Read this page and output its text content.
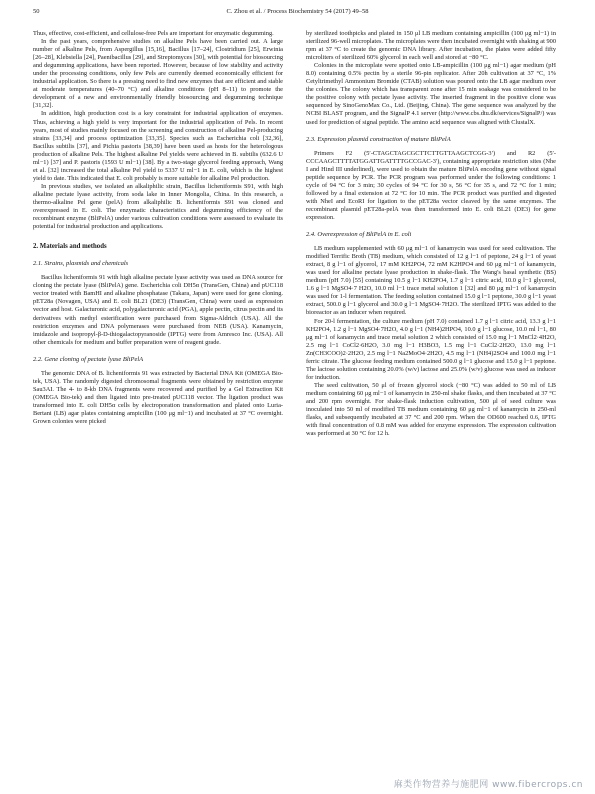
50	C. Zhou et al. / Process Biochemistry 54 (2017) 49–58

Thus, effective, cost-efficient, and cellulose-free Pels are important for enzymatic degumming.

In the past years, comprehensive studies on alkaline Pels have been carried out. A large number of alkaline Pels, from Aspergillus [15,16], Bacillus [17–24], Clostridium [25], Erwinia [26–28], Klebsiella [24], Paenibacillus [29], and Streptomyces [30], with potential for biosourcing and degumming applications, have been reported. However, because of low stability and activity under the processing conditions, only few Pels are currently deemed economically efficient for industrial application. So there is a pressing need to find new enzymes that are efficient and stable at moderate temperatures (40–70 °C) and alkaline conditions (pH 8–11) to promote the development of a new and environmentally friendly biosourcing and degumming technique [31,32].

In addition, high production cost is a key constraint for industrial application of enzymes. Thus, achieving a high yield is very important for the industrial application of Pels. In recent years, most of studies mainly focused on the screening and construction of alkaline Pel-producing strains [33,34] and process optimization [33,35]. Species such as Escherichia coli [32,36], Bacillus subtilis [37], and Pichia pastoris [38,39] have been used as hosts for the heterologous production of alkaline Pels. The highest alkaline Pel yields were achieved in B. subtilis (632.6 U ml−1) [37] and P. pastoris (1593 U ml−1) [38]. By a two-stage glycerol feeding approach, Wang et al. [32] increased the total alkaline Pel yield to 5337 U ml−1 in E. coli, which is the highest yield to date. This indicated that E. coli probably is more suitable for alkaline Pel production.

In previous studies, we isolated an alkaliphilic strain, Bacillus licheniformis S91, with high alkaline pectate lyase activity, from soda lake in Inner Mongolia, China. In this research, a thermo-alkaline Pel gene (pelA) from alkaliphilic B. licheniformis S91 was cloned and overexpressed in E. coli. The enzymatic characteristics and degumming efficiency of the recombinant enzyme (BliPelA) under various cultivation conditions were assessed to evaluate its potential for industrial production and applications.

2. Materials and methods
2.1. Strains, plasmids and chemicals

Bacillus licheniformis 91 with high alkaline pectate lyase activity was used as DNA source for cloning the pectate lyase (BliPelA) gene. Escherichia coli DH5α (TransGen, China) and pUC118 vector treated with BamHI and alkaline phosphatase (Takara, Japan) were used for gene cloning. pET28a (Novagen, USA) and E. coli BL21 (DE3) (TransGen, China) were used as expression vector and host. Galacturonic acid, polygalacturonic acid (PGA), apple pectin, citrus pectin and its derivatives with methyl esterification were purchased from Sigma-Aldrich (USA). All the restriction enzymes and DNA polymerases were purchased from NEB (USA). Kanamycin, imidazole and isopropyl-β-D-thiogalactopyranoside (IPTG) were from Amresco Inc. (USA). All other chemicals for medium and buffer preparation were of reagent grade.

2.2. Gene cloning of pectate lyase BliPelA

The genomic DNA of B. licheniformis 91 was extracted by Bacterial DNA Kit (OMEGA Bio-tek, USA). The randomly digested chromosomal fragments were obtained by restriction enzyme Sau3AI. The 4- to 8-kb DNA fragments were recovered and purified by a Gel Extraction Kit (OMEGA Bio-tek) and then ligated into pre-treated pUC118 vector. The ligation product was transformed into E. coli DH5α cells by electroporation transformation and plated onto Luria-Bertani (LB) agar plates containing ampicillin (100 μg ml−1) and incubated at 37 °C overnight. Grown colonies were picked

by sterilized toothpicks and plated in 150 μl LB medium containing ampicillin (100 μg ml−1) in sterilized 96-well microplates. The microplates were then incubated overnight with shaking at 900 rpm at 37 °C to create the genomic DNA library. After incubation, the plates were added fifty microliters of sterilized 60% glycerol in each well and stored at −80 °C.

Colonies in the microplate were spotted onto LB-ampicillin (100 μg ml−1) agar medium (pH 8.0) containing 0.5% pectin by a sterile 96-pin replicator. After 20h cultivation at 37 °C, 1% Cetyltrimethyl Ammonium Bromide (CTAB) solution was poured onto the LB agar medium over the colonies. The colony which has transparent zone after 15 min soakage was considered to be the positive colony with pectate lyase activity. The inserted fragment in the positive clone was sequenced by SinoGenoMax Co., Ltd. (Beijing, China). The gene sequence was analyzed by the NCBI BLAST program, and the SignalP 4.1 server (http://www.cbs.dtu.dk/services/SignalP/) was used for prediction of signal peptide. The amino acid sequence was aligned with ClustalX.

2.3. Expression plasmid construction of mature BliPelA

Primers F2 (5′-CTAGCTAGCGCTTCTTGTTAAGCTCGG-3′) and R2 (5′-CCCAAGCTTTTATGGATTGATTTTGCCGAC-3′), containing appropriate restriction sites (Nhe I and Hind III underlined), were used to obtain the mature BliPelA encoding gene without signal peptide sequence by PCR. The PCR program was performed under the following conditions: 1 cycle of 94 °C for 3 min; 30 cycles of 94 °C for 30 s, 56 °C for 35 s, and 72 °C for 1 min; followed by a final extension at 72 °C for 10 min. The PCR product was purified and digested with NheI and EcoRI for ligation to the pET28a vector cleaved by the same enzymes. The recombinant plasmid pET28a-pelA was then transformed into E. coli BL21 (DE3) for gene expression.

2.4. Overexpression of BliPelA in E. coli

LB medium supplemented with 60 μg ml−1 of kanamycin was used for seed cultivation. The modified Terrific Broth (TB) medium, which consisted of 12 g l−1 of peptone, 24 g l−1 of yeast extract, 8 g l−1 of glycerol, 17 mM KH2PO4, 72 mM K2HPO4 and 60 μg ml−1 of kanamycin, was used for alkaline pectate lyase production in shake-flask. The Wang's basal synthetic (BS) medium (pH 7.0) [55] containing 10.5 g l−1 KH2PO4, 1.7 g l−1 citric acid, 10.0 g l−1 glycerol, 1.6 g l−1 MgSO4·7 H2O, 10.0 ml l−1 trace metal solution 1 [32] and 80 μg ml−1 of kanamycin was used for 1-l fermentation. The feeding solution contained 15.0 g l−1 peptone, 30.0 g l−1 yeast extract, 500.0 g l−1 glycerol and 30.0 g l−1 MgSO4·7H2O. The sterilized IPTG was added to the bioreactor as an inducer when required.

For 20-l fermentation, the culture medium (pH 7.0) contained 1.7 g l−1 citric acid, 13.3 g l−1 KH2PO4, 1.2 g l−1 MgSO4·7H2O, 4.0 g l−1 (NH4)2HPO4, 10.0 g l−1 glucose, 10.0 ml l−1, 80 μg ml−1 of kanamycin and trace metal solution 2 which consisted of 15.0 mg l−1 MnCl2·4H2O, 2.5 mg l−1 CoCl2·6H2O, 3.0 mg l−1 H3BO3, 1.5 mg l−1 CuCl2·2H2O, 13.0 mg l−1 Zn(CH3COO)2·2H2O, 2.5 mg l−1 Na2MoO4·2H2O, 4.5 mg l−1 (NH4)2SO4 and 100.0 mg l−1 ferric citrate. The glucose feeding medium contained 500.0 g l−1 glucose and 15.0 g l−1 peptone. The lactose solution containing 20.0% (w/v) lactose and 25.0% (w/v) glucose was used as inducer for induction.

The seed cultivation, 50 μl of frozen glycerol stock (−80 °C) was added to 50 ml of LB medium containing 60 μg ml−1 of kanamycin in 250-ml shake flasks, and then incubated at 37 °C and 200 rpm overnight. For shake-flask induction cultivation, 500 μl of seed culture was inoculated into 50 ml of modified TB medium containing 60 μg ml−1 of kanamycin in 250-ml flasks, and subsequently incubated at 37 °C and 200 rpm. When the OD600 reached 0.6, IPTG with final concentration of 0.8 mM was added for enzyme expression. The expression cultivation was performed at 30 °C for 12 h.

麻类作物营养与施肥网 www.fibercrops.cn
